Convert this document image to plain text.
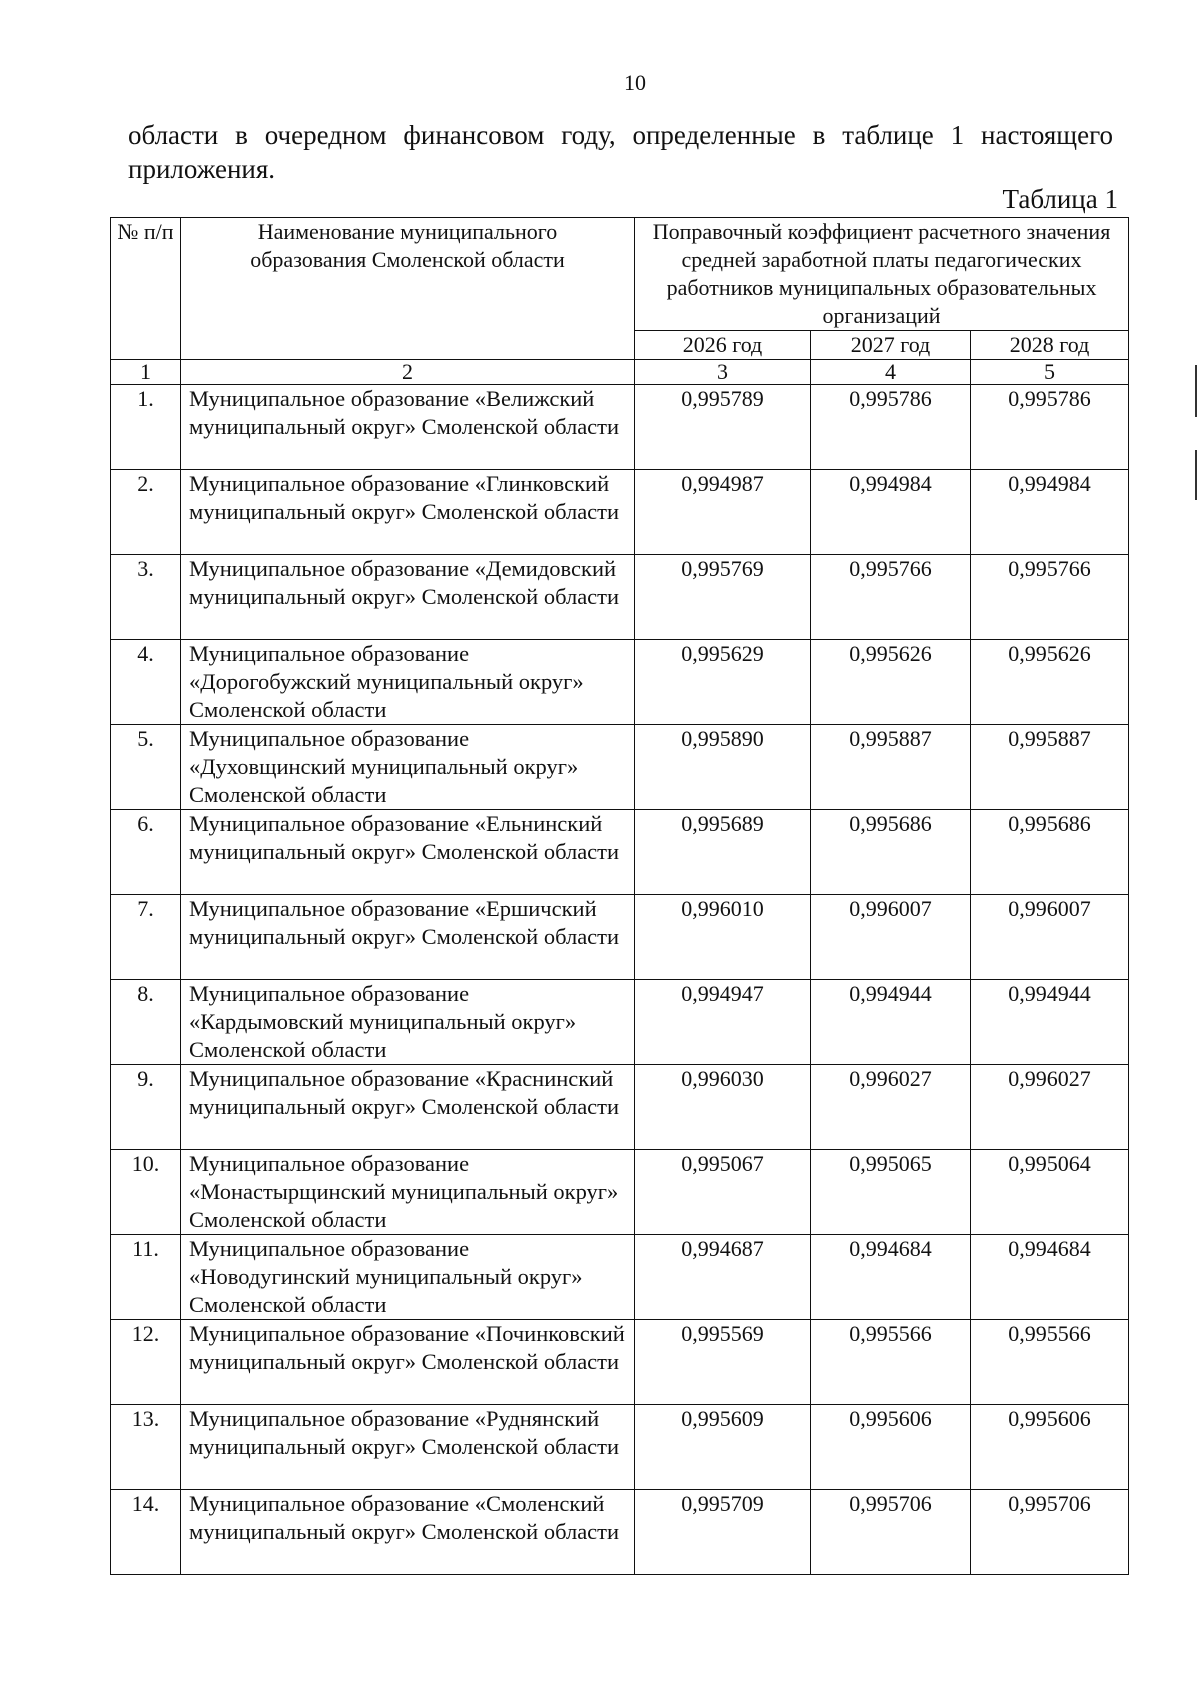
10

области в очередном финансовом году, определенные в таблице 1 настоящего приложения.

Таблица 1
№ п/п	Наименование муниципального образования Смоленской области	Поправочный коэффициент расчетного значения средней заработной платы педагогических работников муниципальных образовательных организаций		
		2026 год	2027 год	2028 год
1	2	3	4	5
1.	Муниципальное образование «Велижский муниципальный округ» Смоленской области	0,995789	0,995786	0,995786
2.	Муниципальное образование «Глинковский муниципальный округ» Смоленской области	0,994987	0,994984	0,994984
3.	Муниципальное образование «Демидовский муниципальный округ» Смоленской области	0,995769	0,995766	0,995766
4.	Муниципальное образование «Дорогобужский муниципальный округ» Смоленской области	0,995629	0,995626	0,995626
5.	Муниципальное образование «Духовщинский муниципальный округ» Смоленской области	0,995890	0,995887	0,995887
6.	Муниципальное образование «Ельнинский муниципальный округ» Смоленской области	0,995689	0,995686	0,995686
7.	Муниципальное образование «Ершичский муниципальный округ» Смоленской области	0,996010	0,996007	0,996007
8.	Муниципальное образование «Кардымовский муниципальный округ» Смоленской области	0,994947	0,994944	0,994944
9.	Муниципальное образование «Краснинский муниципальный округ» Смоленской области	0,996030	0,996027	0,996027
10.	Муниципальное образование «Монастырщинский муниципальный округ» Смоленской области	0,995067	0,995065	0,995064
11.	Муниципальное образование «Новодугинский муниципальный округ» Смоленской области	0,994687	0,994684	0,994684
12.	Муниципальное образование «Починковский муниципальный округ» Смоленской области	0,995569	0,995566	0,995566
13.	Муниципальное образование «Руднянский муниципальный округ» Смоленской области	0,995609	0,995606	0,995606
14.	Муниципальное образование «Смоленский муниципальный округ» Смоленской области	0,995709	0,995706	0,995706
